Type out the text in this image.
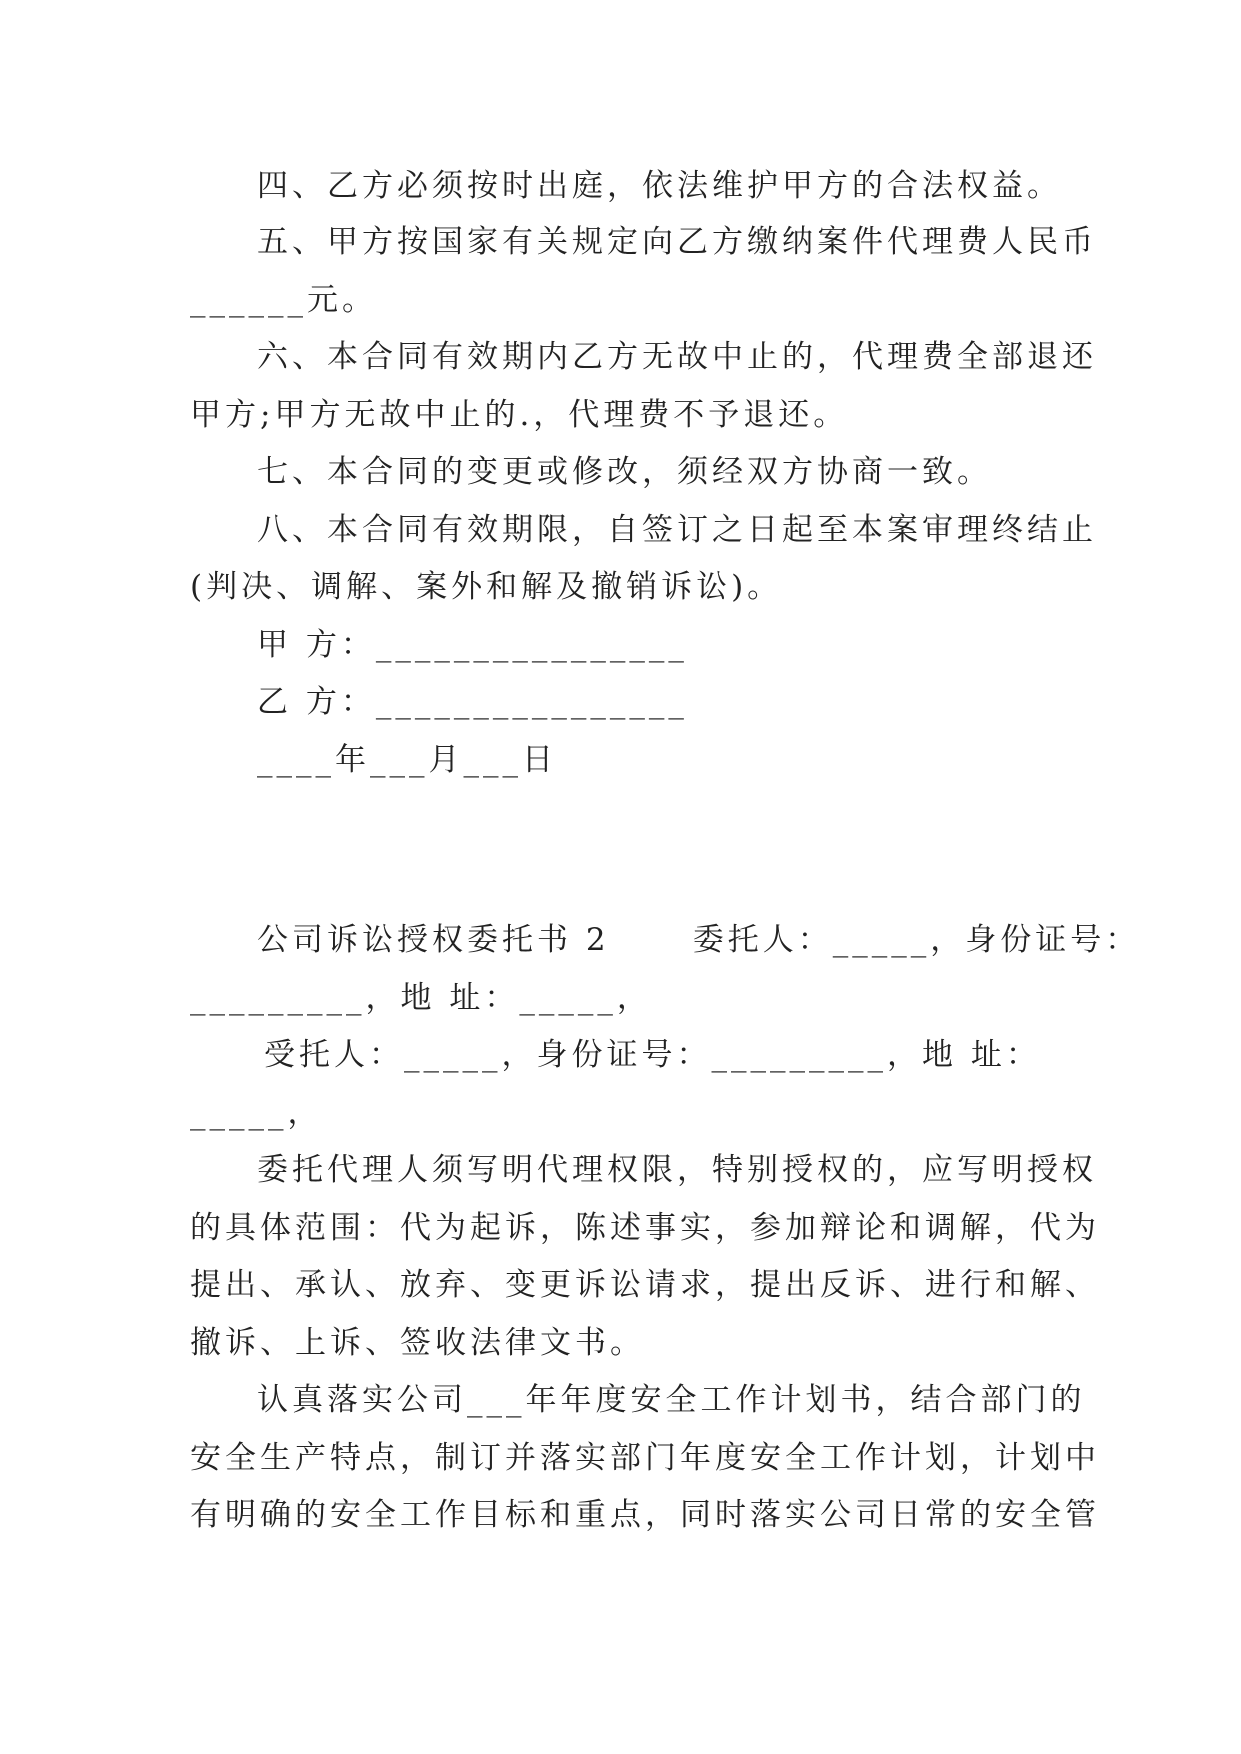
四、乙方必须按时出庭，依法维护甲方的合法权益。
五、甲方按国家有关规定向乙方缴纳案件代理费人民币
______元。
六、本合同有效期内乙方无故中止的，代理费全部退还
甲方;甲方无故中止的.，代理费不予退还。
七、本合同的变更或修改，须经双方协商一致。
八、本合同有效期限，自签订之日起至本案审理终结止
(判决、调解、案外和解及撤销诉讼)。
甲 方：________________
乙 方：________________
____年___月___日
公司诉讼授权委托书 2      委托人：_____，身份证号：
_________，地 址：_____，
受托人：_____，身份证号：_________，地 址：
_____，
委托代理人须写明代理权限，特别授权的，应写明授权
的具体范围：代为起诉，陈述事实，参加辩论和调解，代为
提出、承认、放弃、变更诉讼请求，提出反诉、进行和解、
撤诉、上诉、签收法律文书。
认真落实公司___年年度安全工作计划书，结合部门的
安全生产特点，制订并落实部门年度安全工作计划，计划中
有明确的安全工作目标和重点，同时落实公司日常的安全管
